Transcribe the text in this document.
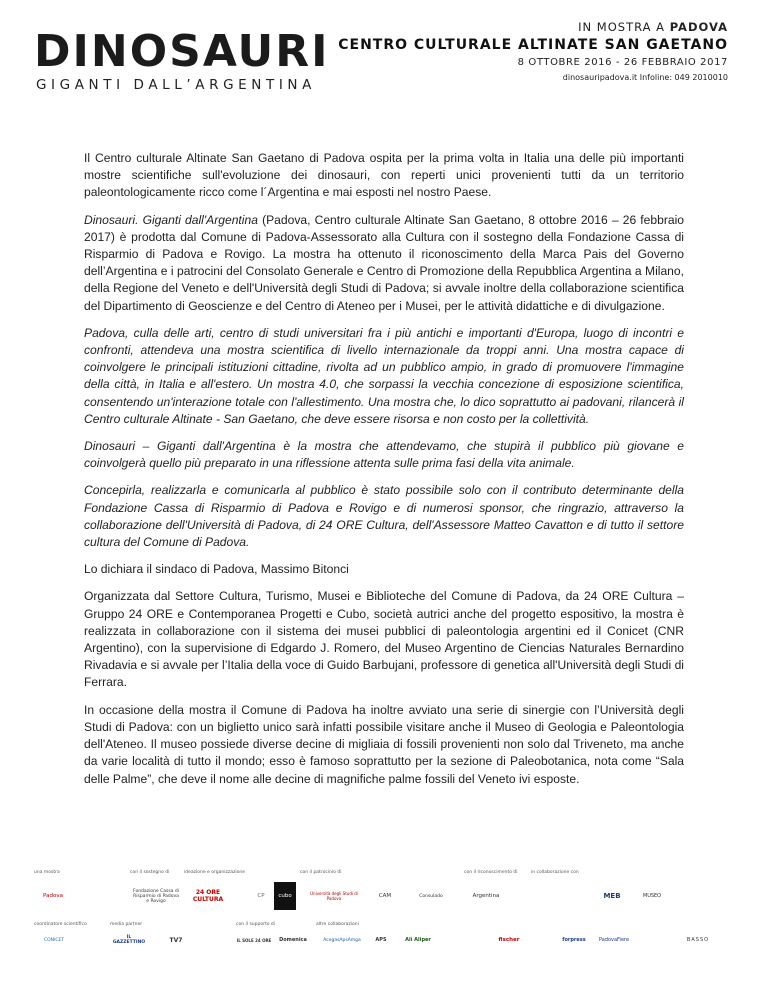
DINOSAURI
GIGANTI DALL’ARGENTINA
IN MOSTRA A PADOVA
CENTRO CULTURALE ALTINATE SAN GAETANO
8 OTTOBRE 2016 - 26 FEBBRAIO 2017
dinosauripadova.it Infoline: 049 2010010

Il Centro culturale Altinate San Gaetano di Padova ospita per la prima volta in Italia una delle più importanti mostre scientifiche sull'evoluzione dei dinosauri, con reperti unici provenienti tutti da un territorio paleontologicamente ricco come l´Argentina e mai esposti nel nostro Paese.

Dinosauri. Giganti dall'Argentina (Padova, Centro culturale Altinate San Gaetano, 8 ottobre 2016 – 26 febbraio 2017) è prodotta dal Comune di Padova-Assessorato alla Cultura con il sostegno della Fondazione Cassa di Risparmio di Padova e Rovigo. La mostra ha ottenuto il riconoscimento della Marca Pais del Governo dell’Argentina e i patrocini del Consolato Generale e Centro di Promozione della Repubblica Argentina a Milano, della Regione del Veneto e dell'Università degli Studi di Padova; si avvale inoltre della collaborazione scientifica del Dipartimento di Geoscienze e del Centro di Ateneo per i Musei, per le attività didattiche e di divulgazione.

Padova, culla delle arti, centro di studi universitari fra i più antichi e importanti d'Europa, luogo di incontri e confronti, attendeva una mostra scientifica di livello internazionale da troppi anni. Una mostra capace di coinvolgere le principali istituzioni cittadine, rivolta ad un pubblico ampio, in grado di promuovere l'immagine della città, in Italia e all'estero. Un mostra 4.0, che sorpassi la vecchia concezione di esposizione scientifica, consentendo un'interazione totale con l'allestimento. Una mostra che, lo dico soprattutto ai padovani, rilancerà il Centro culturale Altinate - San Gaetano, che deve essere risorsa e non costo per la collettività.

Dinosauri – Giganti dall'Argentina è la mostra che attendevamo, che stupirà il pubblico più giovane e coinvolgerà quello più preparato in una riflessione attenta sulle prima fasi della vita animale.

Concepirla, realizzarla e comunicarla al pubblico è stato possibile solo con il contributo determinante della Fondazione Cassa di Risparmio di Padova e Rovigo e di numerosi sponsor, che ringrazio, attraverso la collaborazione dell'Università di Padova, di 24 ORE Cultura, dell'Assessore Matteo Cavatton e di tutto il settore cultura del Comune di Padova.

Lo dichiara il sindaco di Padova, Massimo Bitonci

Organizzata dal Settore Cultura, Turismo, Musei e Biblioteche del Comune di Padova, da 24 ORE Cultura – Gruppo 24 ORE e Contemporanea Progetti e Cubo, società autrici anche del progetto espositivo, la mostra è realizzata in collaborazione con il sistema dei musei pubblici di paleontologia argentini ed il Conicet (CNR Argentino), con la supervisione di Edgardo J. Romero, del Museo Argentino de Ciencias Naturales Bernardino Rivadavia e si avvale per l’Italia della voce di Guido Barbujani, professore di genetica all'Università degli Studi di Ferrara.

In occasione della mostra il Comune di Padova ha inoltre avviato una serie di sinergie con l’Università degli Studi di Padova: con un biglietto unico sarà infatti possibile visitare anche il Museo di Geologia e Paleontologia dell'Ateneo. Il museo possiede diverse decine di migliaia di fossili provenienti non solo dal Triveneto, ma anche da varie località di tutto il mondo; esso è famoso soprattutto per la sezione di Paleobotanica, nota come “Sala delle Palme”, che deve il nome alle decine di magnifiche palme fossili del Veneto ivi esposte.

una mostra	con il sostegno di	ideazione e organizzazione	con il patrocinio di	con il riconoscimento di	in collaborazione con
Padova
Fondazione Cassa di Risparmio di Padova e Rovigo
24 ORE CULTURA	CP	cubo	Università degli Studi di Padova	CAM	Consulado	Argentina	MEB	MUSEO
coordinatore scientifico	media partner	con il supporto di	altre collaborazioni
CONICET	IL GAZZETTINO	TV7	IL SOLE 24 ORE	Domenica	AcegasApsAmga	APS	Alì Aliper	fischer	forpress	PadovaFiere	BASSO
